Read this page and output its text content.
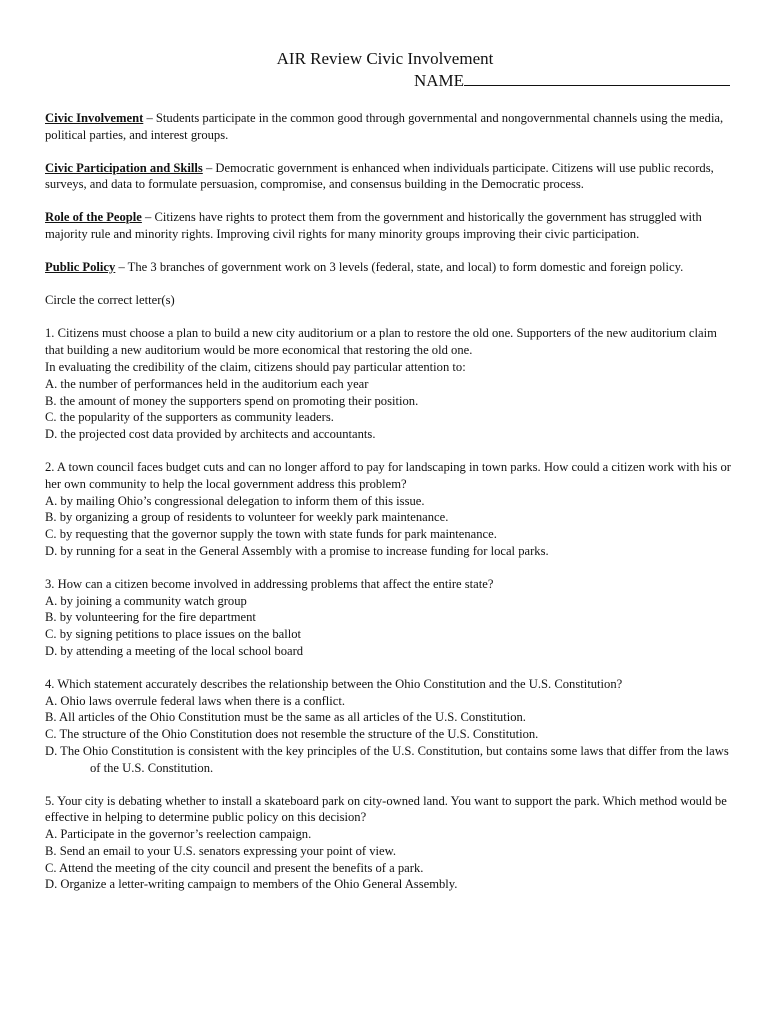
AIR Review Civic Involvement
NAME

Civic Involvement – Students participate in the common good through governmental and nongovernmental channels using the media, political parties, and interest groups.

Civic Participation and Skills – Democratic government is enhanced when individuals participate. Citizens will use public records, surveys, and data to formulate persuasion, compromise, and consensus building in the Democratic process.

Role of the People – Citizens have rights to protect them from the government and historically the government has struggled with majority rule and minority rights. Improving civil rights for many minority groups improving their civic participation.

Public Policy – The 3 branches of government work on 3 levels (federal, state, and local) to form domestic and foreign policy.

Circle the correct letter(s)

1. Citizens must choose a plan to build a new city auditorium or a plan to restore the old one. Supporters of the new auditorium claim that building a new auditorium would be more economical that restoring the old one.
In evaluating the credibility of the claim, citizens should pay particular attention to:
A. the number of performances held in the auditorium each year
B. the amount of money the supporters spend on promoting their position.
C. the popularity of the supporters as community leaders.
D. the projected cost data provided by architects and accountants.
2. A town council faces budget cuts and can no longer afford to pay for landscaping in town parks. How could a citizen work with his or her own community to help the local government address this problem?
A. by mailing Ohio’s congressional delegation to inform them of this issue.
B. by organizing a group of residents to volunteer for weekly park maintenance.
C. by requesting that the governor supply the town with state funds for park maintenance.
D. by running for a seat in the General Assembly with a promise to increase funding for local parks.
3. How can a citizen become involved in addressing problems that affect the entire state?
A. by joining a community watch group
B. by volunteering for the fire department
C. by signing petitions to place issues on the ballot
D. by attending a meeting of the local school board
4. Which statement accurately describes the relationship between the Ohio Constitution and the U.S. Constitution?
A. Ohio laws overrule federal laws when there is a conflict.
B. All articles of the Ohio Constitution must be the same as all articles of the U.S. Constitution.
C. The structure of the Ohio Constitution does not resemble the structure of the U.S. Constitution.
D. The Ohio Constitution is consistent with the key principles of the U.S. Constitution, but contains some laws that differ from the laws of the U.S. Constitution.
5. Your city is debating whether to install a skateboard park on city-owned land. You want to support the park. Which method would be effective in helping to determine public policy on this decision?
A. Participate in the governor’s reelection campaign.
B. Send an email to your U.S. senators expressing your point of view.
C. Attend the meeting of the city council and present the benefits of a park.
D. Organize a letter-writing campaign to members of the Ohio General Assembly.
